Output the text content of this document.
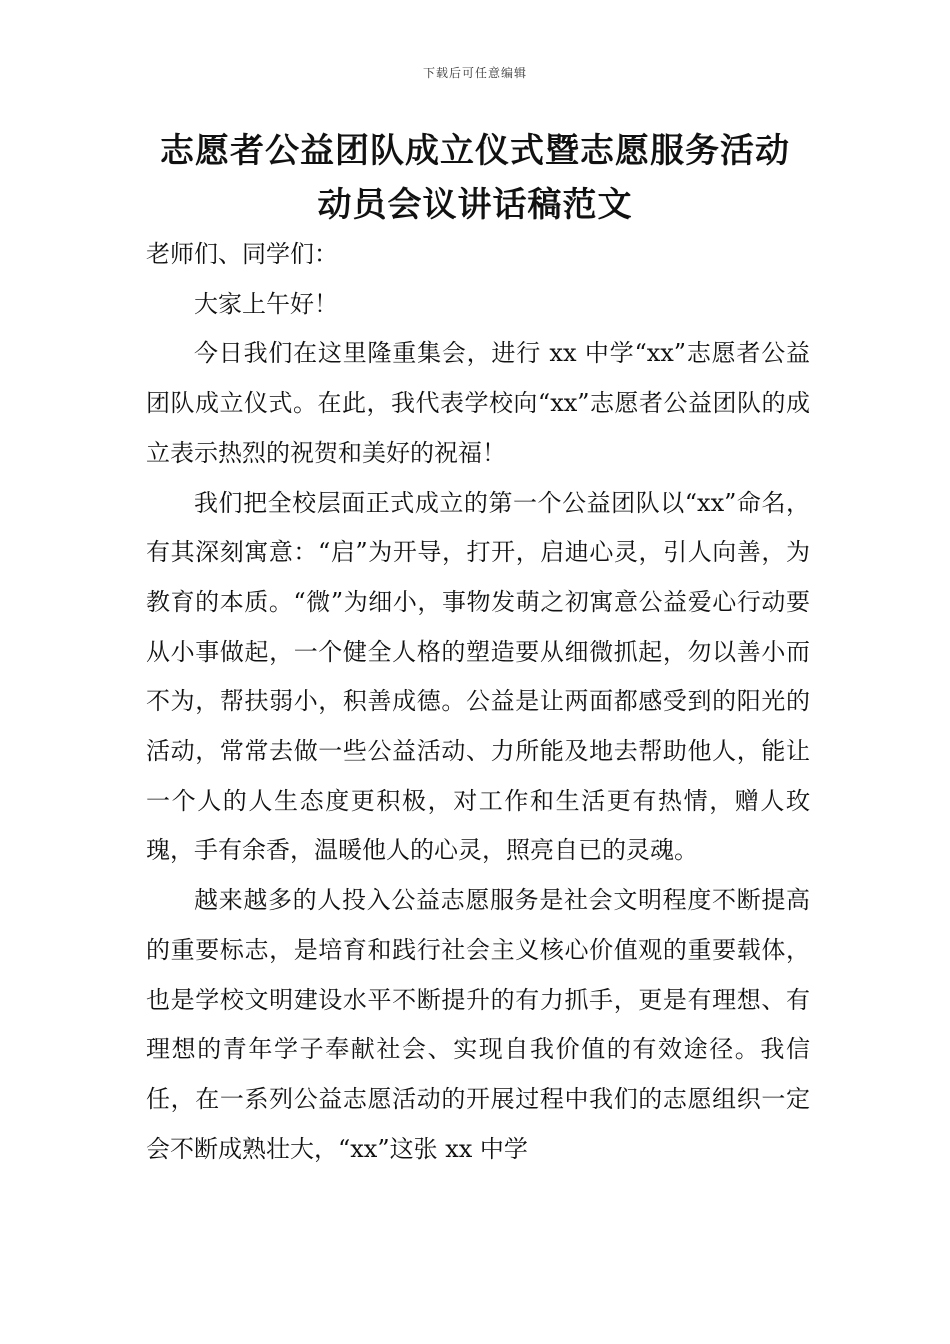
下载后可任意编辑
志愿者公益团队成立仪式暨志愿服务活动
动员会议讲话稿范文

老师们、同学们：

大家上午好！

今日我们在这里隆重集会，进行 xx 中学“xx”志愿者公益团队成立仪式。在此，我代表学校向“xx”志愿者公益团队的成立表示热烈的祝贺和美好的祝福！

我们把全校层面正式成立的第一个公益团队以“xx”命名，有其深刻寓意：“启”为开导，打开，启迪心灵，引人向善，为教育的本质。“微”为细小，事物发萌之初寓意公益爱心行动要从小事做起，一个健全人格的塑造要从细微抓起，勿以善小而不为，帮扶弱小，积善成德。公益是让两面都感受到的阳光的活动，常常去做一些公益活动、力所能及地去帮助他人，能让一个人的人生态度更积极，对工作和生活更有热情，赠人玫瑰，手有余香，温暖他人的心灵，照亮自已的灵魂。

越来越多的人投入公益志愿服务是社会文明程度不断提高的重要标志，是培育和践行社会主义核心价值观的重要载体，也是学校文明建设水平不断提升的有力抓手，更是有理想、有理想的青年学子奉献社会、实现自我价值的有效途径。我信任，在一系列公益志愿活动的开展过程中我们的志愿组织一定会不断成熟壮大，“xx”这张 xx 中学
